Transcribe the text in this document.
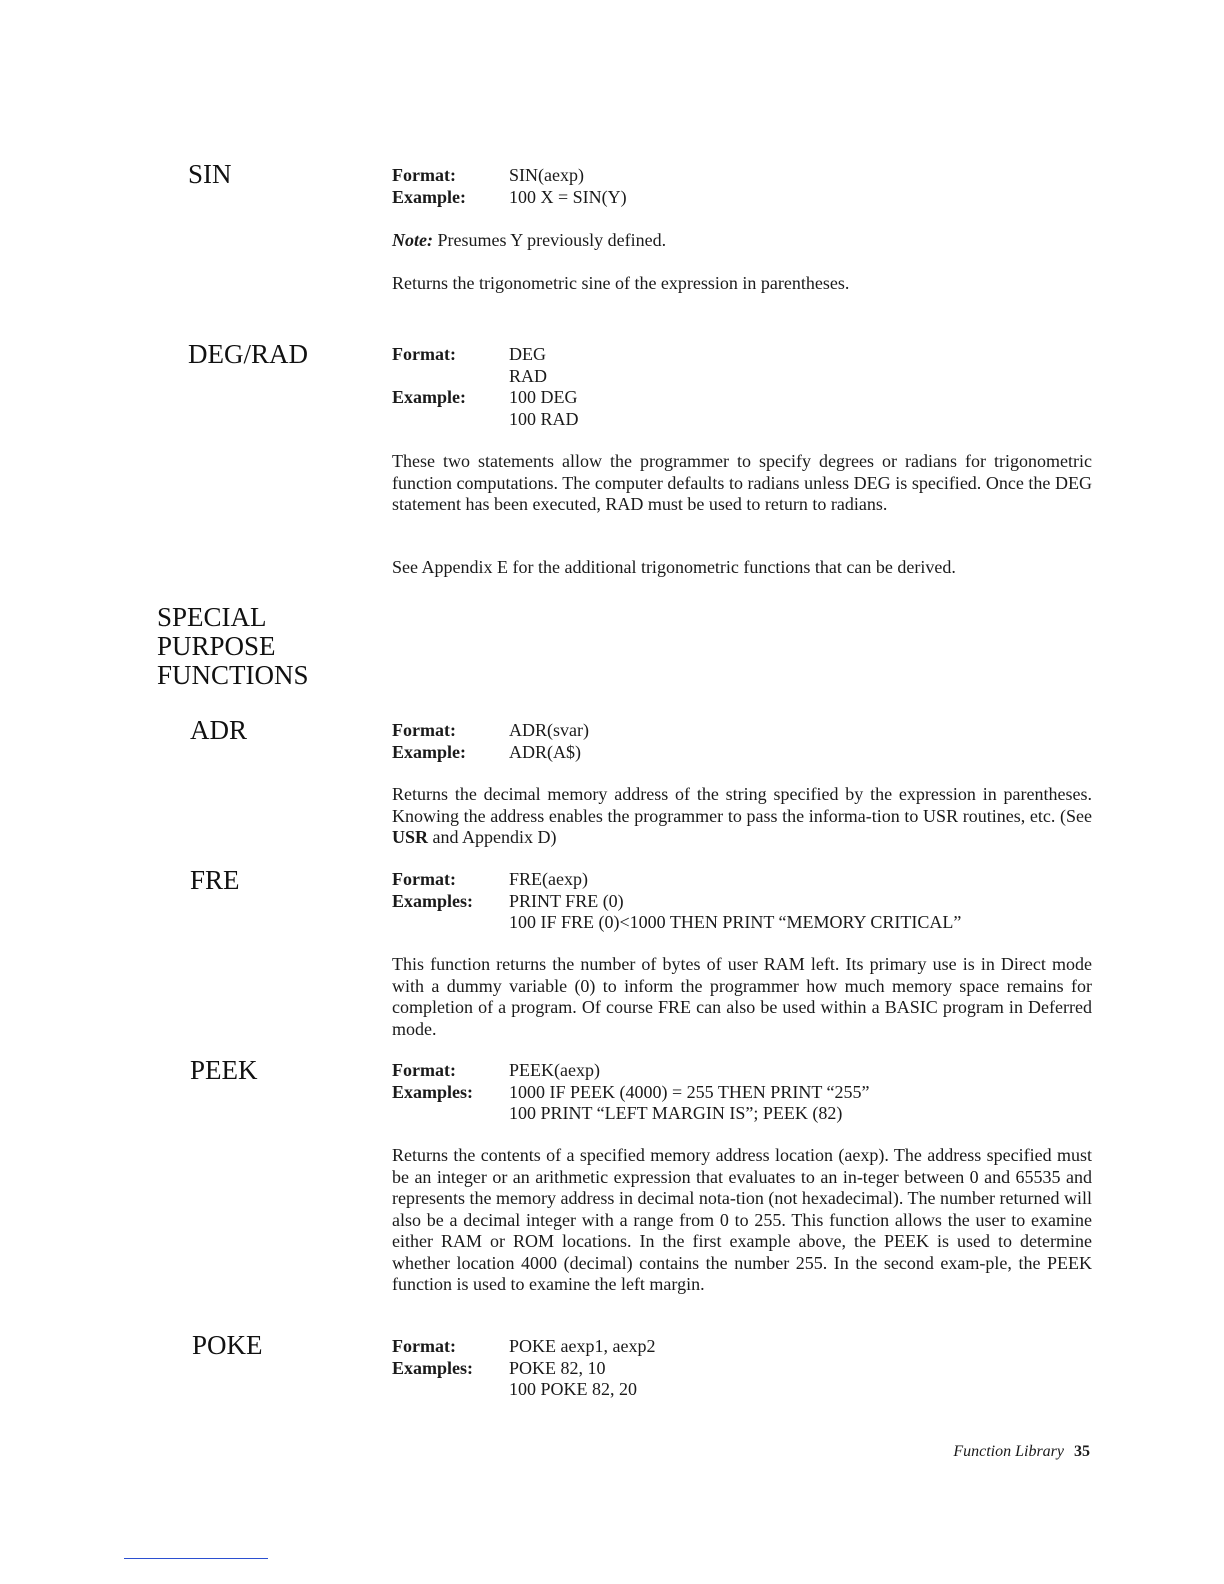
SIN	Format:	SIN(aexp)
Example:	100 X = SIN(Y)
Note: Presumes Y previously defined.
Returns the trigonometric sine of the expression in parentheses.
DEG/RAD	Format:	DEG
RAD
Example:	100 DEG
100 RAD
These two statements allow the programmer to specify degrees or radians for trigonometric function computations. The computer defaults to radians unless DEG is specified. Once the DEG statement has been executed, RAD must be used to return to radians.
See Appendix E for the additional trigonometric functions that can be derived.
SPECIAL
PURPOSE
FUNCTIONS
ADR	Format:	ADR(svar)
Example:	ADR(A$)
Returns the decimal memory address of the string specified by the expression in parentheses. Knowing the address enables the programmer to pass the informa-tion to USR routines, etc. (See USR and Appendix D)
FRE	Format:	FRE(aexp)
Examples:	PRINT FRE (0)
100 IF FRE (0)<1000 THEN PRINT “MEMORY CRITICAL”
This function returns the number of bytes of user RAM left. Its primary use is in Direct mode with a dummy variable (0) to inform the programmer how much memory space remains for completion of a program. Of course FRE can also be used within a BASIC program in Deferred mode.
PEEK	Format:	PEEK(aexp)
Examples:	1000 IF PEEK (4000) = 255 THEN PRINT “255”
100 PRINT “LEFT MARGIN IS”; PEEK (82)
Returns the contents of a specified memory address location (aexp). The address specified must be an integer or an arithmetic expression that evaluates to an in-teger between 0 and 65535 and represents the memory address in decimal nota-tion (not hexadecimal). The number returned will also be a decimal integer with a range from 0 to 255. This function allows the user to examine either RAM or ROM locations. In the first example above, the PEEK is used to determine whether location 4000 (decimal) contains the number 255. In the second exam-ple, the PEEK function is used to examine the left margin.
POKE	Format:	POKE aexp1, aexp2
Examples:	POKE 82, 10
100 POKE 82, 20
Function Library 35
